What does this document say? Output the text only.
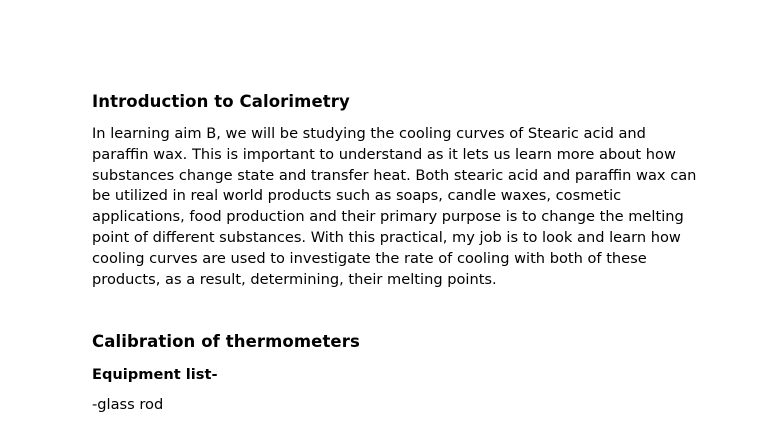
Introduction to Calorimetry

In learning aim B, we will be studying the cooling curves of Stearic acid and paraffin wax. This is important to understand as it lets us learn more about how substances change state and transfer heat. Both stearic acid and paraffin wax can be utilized in real world products such as soaps, candle waxes, cosmetic applications, food production and their primary purpose is to change the melting point of different substances. With this practical, my job is to look and learn how cooling curves are used to investigate the rate of cooling with both of these products, as a result, determining, their melting points.

Calibration of thermometers

Equipment list-

-glass rod
